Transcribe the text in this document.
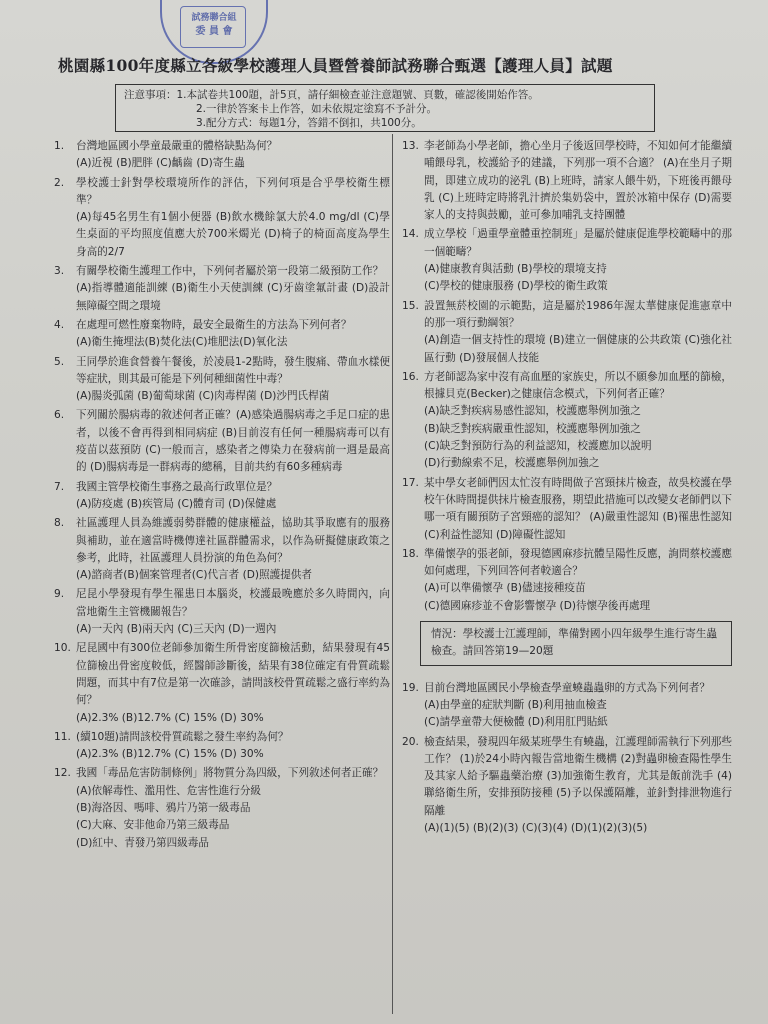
試務聯合組
委 員 會
桃園縣100年度縣立各級學校護理人員暨營養師試務聯合甄選【護理人員】試題
注意事項：1.本試卷共100題，計5頁，請仔細檢查並注意題號、頁數，確認後開始作答。
2.一律於答案卡上作答，如未依規定塗寫不予計分。
3.配分方式：每題1分，答錯不倒扣，共100分。
1. 台灣地區國小學童最嚴重的體格缺點為何？
(A)近視 (B)肥胖 (C)齲齒 (D)寄生蟲
2. 學校護士針對學校環境所作的評估，下列何項是合乎學校衛生標準？
(A)每45名男生有1個小便器 (B)飲水機餘氯大於4.0 mg/dl (C)學生桌面的平均照度值應大於700米燭光 (D)椅子的椅面高度為學生身高的2/7
3. 有關學校衛生護理工作中，下列何者屬於第一段第二級預防工作？
(A)指導體適能訓練 (B)衛生小天使訓練 (C)牙齒塗氟計畫 (D)設計無障礙空間之環境
4. 在處理可燃性廢棄物時，最安全最衛生的方法為下列何者？
(A)衛生掩埋法(B)焚化法(C)堆肥法(D)氧化法
5. 王同學於進食營養午餐後，於凌晨1-2點時，發生腹痛、帶血水樣便等症狀，則其最可能是下列何種細菌性中毒？
(A)腸炎弧菌 (B)葡萄球菌 (C)肉毒桿菌 (D)沙門氏桿菌
6. 下列關於腸病毒的敘述何者正確？(A)感染過腸病毒之手足口症的患者，以後不會再得到相同病症 (B)目前沒有任何一種腸病毒可以有疫苗以茲預防 (C)一般而言，感染者之傳染力在發病前一週是最高的 (D)腸病毒是一群病毒的總稱，目前共約有60多種病毒
7. 我國主管學校衛生事務之最高行政單位是？
(A)防疫處 (B)疾管局 (C)體育司 (D)保健處
8. 社區護理人員為維護弱勢群體的健康權益，協助其爭取應有的服務與補助，並在適當時機傳達社區群體需求，以作為研擬健康政策之參考，此時，社區護理人員扮演的角色為何？
(A)諮商者(B)個案管理者(C)代言者 (D)照護提供者
9. 尼昆小學發現有學生罹患日本腦炎，校護最晚應於多久時間內，向當地衛生主管機關報告？
(A)一天內 (B)兩天內 (C)三天內 (D)一週內
10. 尼昆國中有300位老師參加衛生所骨密度篩檢活動，結果發現有45位篩檢出骨密度較低，經醫師診斷後，結果有38位確定有骨質疏鬆問題，而其中有7位是第一次確診，請問該校骨質疏鬆之盛行率約為何？
(A)2.3% (B)12.7% (C) 15% (D) 30%
11. (續10題)請問該校骨質疏鬆之發生率約為何？
(A)2.3% (B)12.7% (C) 15% (D) 30%
12. 我國「毒品危害防制條例」將物質分為四級，下列敘述何者正確？
(A)依解毒性、濫用性、危害性進行分級
(B)海洛因、嗎啡、鴉片乃第一級毒品
(C)大麻、安非他命乃第三級毒品
(D)紅中、青發乃第四級毒品
13. 李老師為小學老師，擔心坐月子後返回學校時，不知如何才能繼續哺餵母乳，校護給予的建議，下列那一項不合適？ (A)在坐月子期間，即建立成功的泌乳 (B)上班時，請家人餵牛奶，下班後再餵母乳 (C)上班時定時將乳汁擠於集奶袋中，置於冰箱中保存 (D)需要家人的支持與鼓勵，並可參加哺乳支持團體
14. 成立學校「過重學童體重控制班」是屬於健康促進學校範疇中的那一個範疇？
(A)健康教育與活動 (B)學校的環境支持
(C)學校的健康服務 (D)學校的衛生政策
15. 設置無菸校園的示範點，這是屬於1986年渥太華健康促進憲章中的那一項行動綱領？
(A)創造一個支持性的環境 (B)建立一個健康的公共政策 (C)強化社區行動 (D)發展個人技能
16. 方老師認為家中沒有高血壓的家族史，所以不願參加血壓的篩檢，根據貝克(Becker)之健康信念模式，下列何者正確？
(A)缺乏對疾病易感性認知，校護應舉例加強之
(B)缺乏對疾病嚴重性認知，校護應舉例加強之
(C)缺乏對預防行為的利益認知，校護應加以說明
(D)行動線索不足，校護應舉例加強之
17. 某中學女老師們因太忙沒有時間做子宮頸抹片檢查，故吳校護在學校午休時間提供抹片檢查服務，期望此措施可以改變女老師們以下哪一項有關預防子宮頸癌的認知？ (A)嚴重性認知 (B)罹患性認知 (C)利益性認知 (D)障礙性認知
18. 準備懷孕的張老師，發現德國麻疹抗體呈陽性反應，詢問蔡校護應如何處理，下列回答何者較適合？
(A)可以準備懷孕 (B)儘速接種疫苗
(C)德國麻疹並不會影響懷孕 (D)待懷孕後再處理
情況：學校護士江護理師，準備對國小四年級學生進行寄生蟲檢查。請回答第19—20題
19. 目前台灣地區國民小學檢查學童蟯蟲蟲卵的方式為下列何者？
(A)由學童的症狀判斷 (B)利用抽血檢查
(C)請學童帶大便檢體 (D)利用肛門貼紙
20. 檢查結果，發現四年級某班學生有蟯蟲，江護理師需執行下列那些工作？ (1)於24小時內報告當地衛生機構 (2)對蟲卵檢查陽性學生及其家人給予驅蟲藥治療 (3)加強衛生教育，尤其是飯前洗手 (4)聯絡衛生所，安排預防接種 (5)予以保護隔離，並針對排泄物進行隔離
(A)(1)(5) (B)(2)(3) (C)(3)(4) (D)(1)(2)(3)(5)
